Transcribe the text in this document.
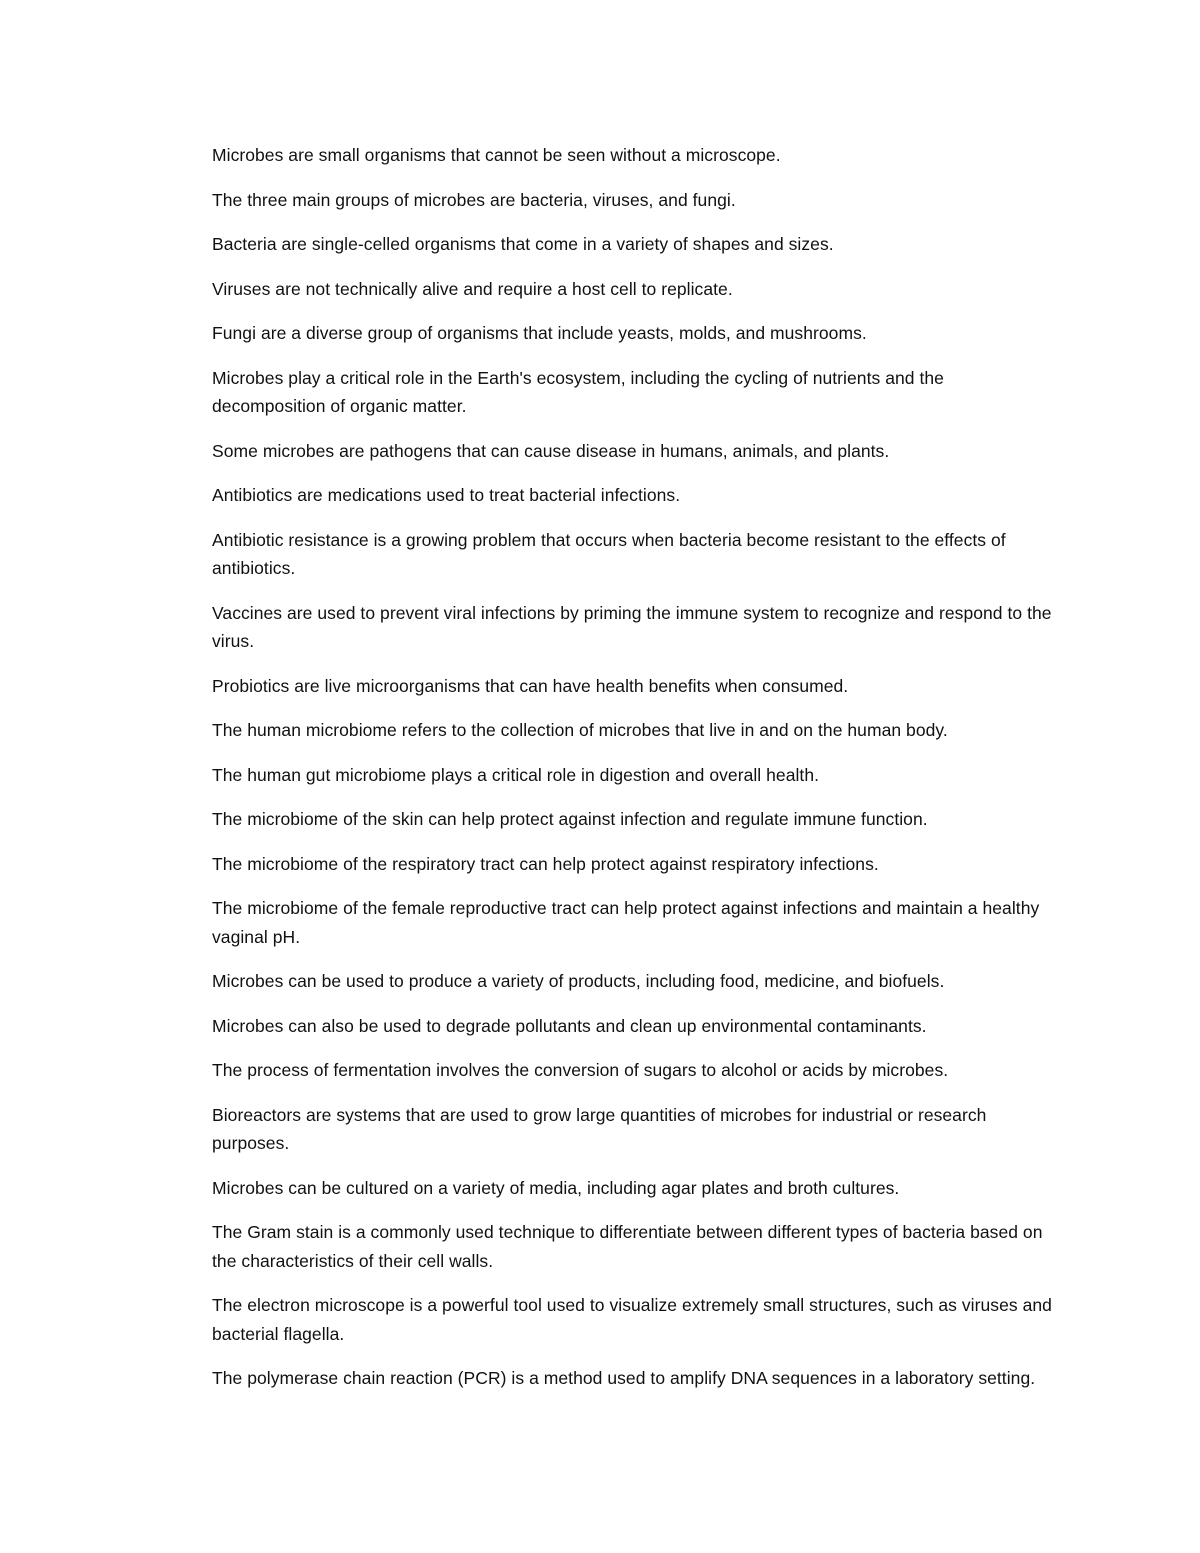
Microbes are small organisms that cannot be seen without a microscope.

The three main groups of microbes are bacteria, viruses, and fungi.

Bacteria are single-celled organisms that come in a variety of shapes and sizes.

Viruses are not technically alive and require a host cell to replicate.

Fungi are a diverse group of organisms that include yeasts, molds, and mushrooms.

Microbes play a critical role in the Earth's ecosystem, including the cycling of nutrients and the decomposition of organic matter.

Some microbes are pathogens that can cause disease in humans, animals, and plants.

Antibiotics are medications used to treat bacterial infections.

Antibiotic resistance is a growing problem that occurs when bacteria become resistant to the effects of antibiotics.

Vaccines are used to prevent viral infections by priming the immune system to recognize and respond to the virus.

Probiotics are live microorganisms that can have health benefits when consumed.

The human microbiome refers to the collection of microbes that live in and on the human body.

The human gut microbiome plays a critical role in digestion and overall health.

The microbiome of the skin can help protect against infection and regulate immune function.

The microbiome of the respiratory tract can help protect against respiratory infections.

The microbiome of the female reproductive tract can help protect against infections and maintain a healthy vaginal pH.

Microbes can be used to produce a variety of products, including food, medicine, and biofuels.

Microbes can also be used to degrade pollutants and clean up environmental contaminants.

The process of fermentation involves the conversion of sugars to alcohol or acids by microbes.

Bioreactors are systems that are used to grow large quantities of microbes for industrial or research purposes.

Microbes can be cultured on a variety of media, including agar plates and broth cultures.

The Gram stain is a commonly used technique to differentiate between different types of bacteria based on the characteristics of their cell walls.

The electron microscope is a powerful tool used to visualize extremely small structures, such as viruses and bacterial flagella.

The polymerase chain reaction (PCR) is a method used to amplify DNA sequences in a laboratory setting.
